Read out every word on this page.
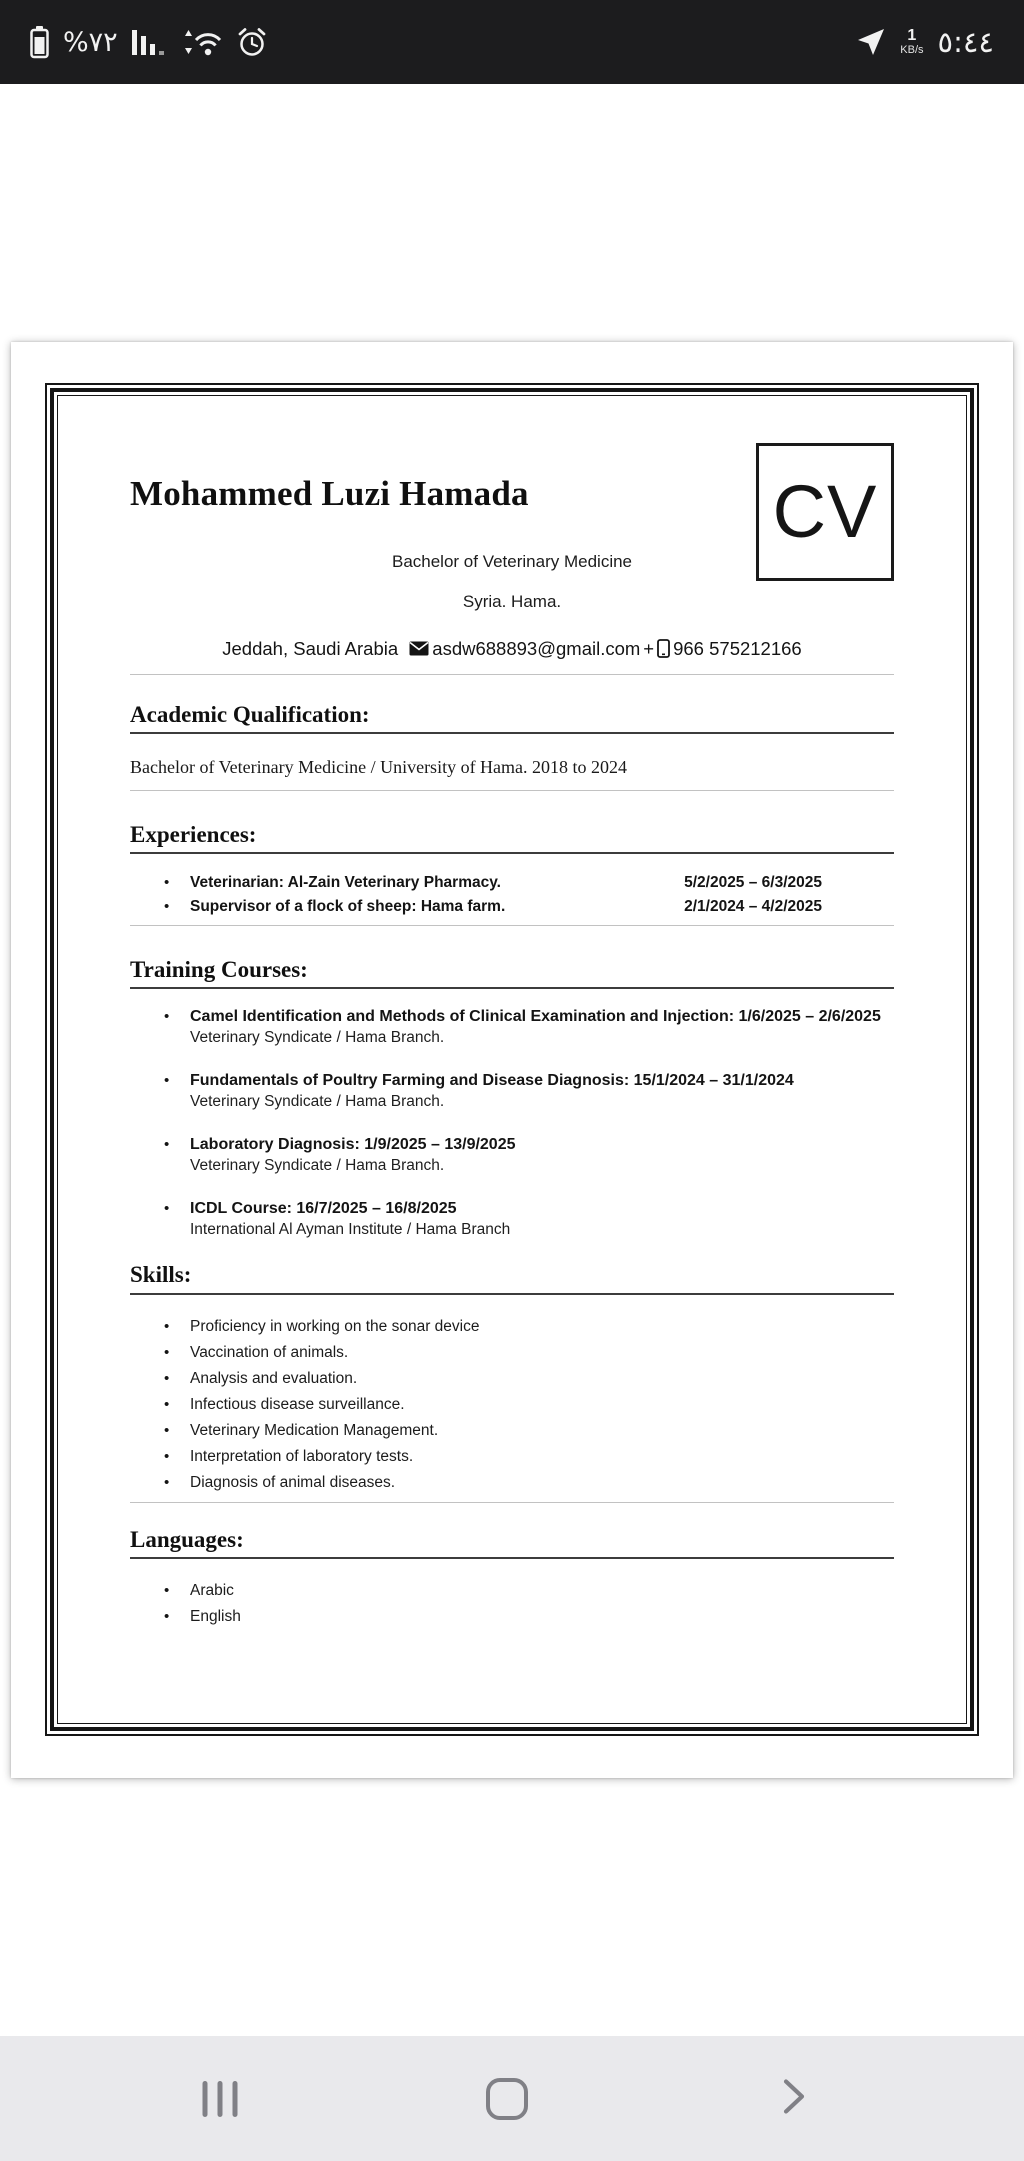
%٧٢	1
KB/s ٥:٤٤
Mohammed Luzi Hamada	CV

Bachelor of Veterinary Medicine

Syria. Hama.

Jeddah, Saudi Arabia
asdw688893@gmail.com + 966 575212166
Academic Qualification:

Bachelor of Veterinary Medicine / University of Hama. 2018 to 2024

Experiences:
•	Veterinarian: Al-Zain Veterinary Pharmacy.	5/2/2025 – 6/3/2025
•	Supervisor of a flock of sheep: Hama farm.	2/1/2024 – 4/2/2025
Training Courses:
•	Camel Identification and Methods of Clinical Examination and Injection: 1/6/2025 – 2/6/2025
Veterinary Syndicate / Hama Branch.
•	Fundamentals of Poultry Farming and Disease Diagnosis: 15/1/2024 – 31/1/2024
Veterinary Syndicate / Hama Branch.
•	Laboratory Diagnosis: 1/9/2025 – 13/9/2025
Veterinary Syndicate / Hama Branch.
•	ICDL Course: 16/7/2025 – 16/8/2025
International Al Ayman Institute / Hama Branch
Skills:
•	Proficiency in working on the sonar device
•	Vaccination of animals.
•	Analysis and evaluation.
•	Infectious disease surveillance.
•	Veterinary Medication Management.
•	Interpretation of laboratory tests.
•	Diagnosis of animal diseases.
Languages:
•	Arabic
•	English
